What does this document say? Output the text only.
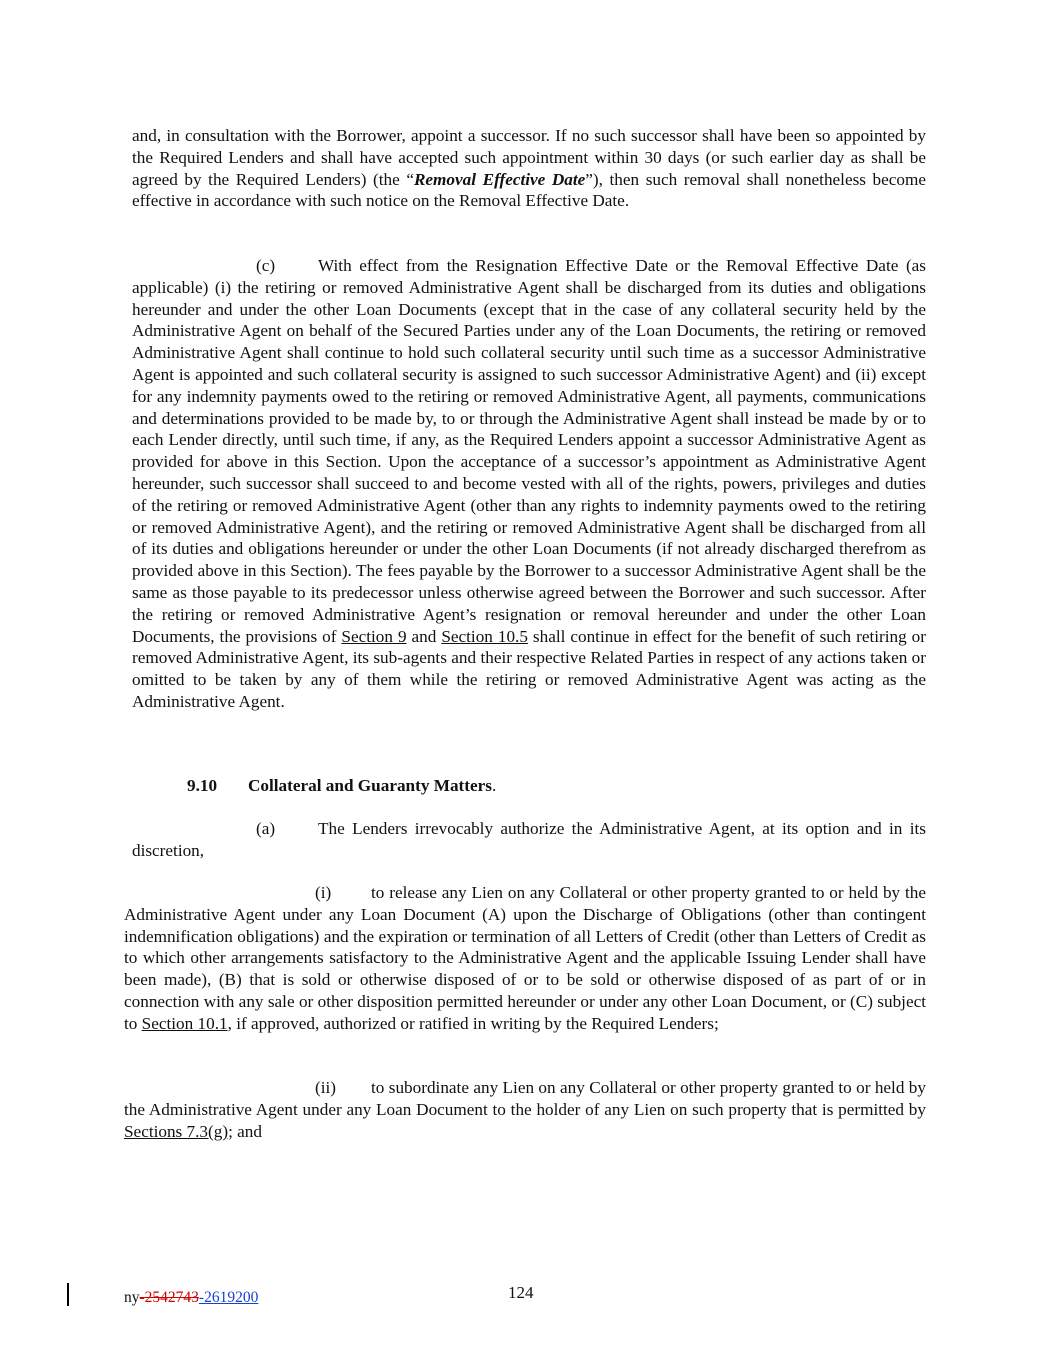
and, in consultation with the Borrower, appoint a successor. If no such successor shall have been so appointed by the Required Lenders and shall have accepted such appointment within 30 days (or such earlier day as shall be agreed by the Required Lenders) (the “Removal Effective Date”), then such removal shall nonetheless become effective in accordance with such notice on the Removal Effective Date.

(c) With effect from the Resignation Effective Date or the Removal Effective Date (as applicable) (i) the retiring or removed Administrative Agent shall be discharged from its duties and obligations hereunder and under the other Loan Documents (except that in the case of any collateral security held by the Administrative Agent on behalf of the Secured Parties under any of the Loan Documents, the retiring or removed Administrative Agent shall continue to hold such collateral security until such time as a successor Administrative Agent is appointed and such collateral security is assigned to such successor Administrative Agent) and (ii) except for any indemnity payments owed to the retiring or removed Administrative Agent, all payments, communications and determinations provided to be made by, to or through the Administrative Agent shall instead be made by or to each Lender directly, until such time, if any, as the Required Lenders appoint a successor Administrative Agent as provided for above in this Section. Upon the acceptance of a successor’s appointment as Administrative Agent hereunder, such successor shall succeed to and become vested with all of the rights, powers, privileges and duties of the retiring or removed Administrative Agent (other than any rights to indemnity payments owed to the retiring or removed Administrative Agent), and the retiring or removed Administrative Agent shall be discharged from all of its duties and obligations hereunder or under the other Loan Documents (if not already discharged therefrom as provided above in this Section). The fees payable by the Borrower to a successor Administrative Agent shall be the same as those payable to its predecessor unless otherwise agreed between the Borrower and such successor. After the retiring or removed Administrative Agent’s resignation or removal hereunder and under the other Loan Documents, the provisions of Section 9 and Section 10.5 shall continue in effect for the benefit of such retiring or removed Administrative Agent, its sub-agents and their respective Related Parties in respect of any actions taken or omitted to be taken by any of them while the retiring or removed Administrative Agent was acting as the Administrative Agent.

9.10 Collateral and Guaranty Matters.

(a) The Lenders irrevocably authorize the Administrative Agent, at its option and in its discretion,

(i) to release any Lien on any Collateral or other property granted to or held by the Administrative Agent under any Loan Document (A) upon the Discharge of Obligations (other than contingent indemnification obligations) and the expiration or termination of all Letters of Credit (other than Letters of Credit as to which other arrangements satisfactory to the Administrative Agent and the applicable Issuing Lender shall have been made), (B) that is sold or otherwise disposed of or to be sold or otherwise disposed of as part of or in connection with any sale or other disposition permitted hereunder or under any other Loan Document, or (C) subject to Section 10.1, if approved, authorized or ratified in writing by the Required Lenders;

(ii) to subordinate any Lien on any Collateral or other property granted to or held by the Administrative Agent under any Loan Document to the holder of any Lien on such property that is permitted by Sections 7.3(g); and

ny-2542743-2619200	124
